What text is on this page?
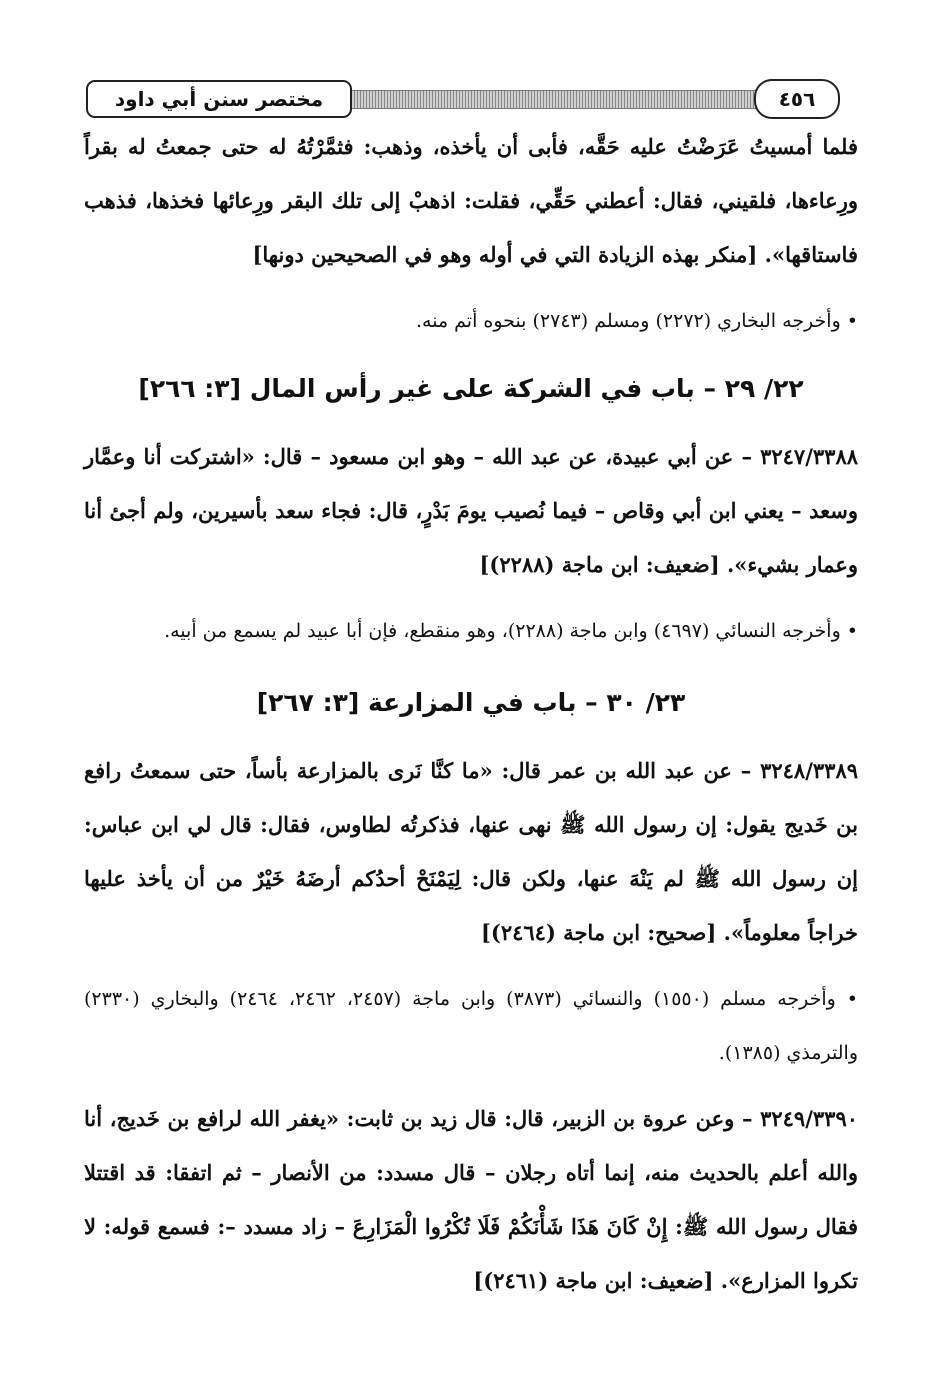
مختصر سنن أبي داود	٤٥٦

فلما أمسيتُ عَرَضْتُ عليه حَقَّه، فأبى أن يأخذه، وذهب: فثمَّرْتُهُ له حتى جمعتُ له بقراً ورِعاءها، فلقيني، فقال: أعطني حَقِّي، فقلت: اذهبْ إلى تلك البقر ورِعائها فخذها، فذهب فاستاقها». [منكر بهذه الزيادة التي في أوله وهو في الصحيحين دونها]

• وأخرجه البخاري (٢٢٧٢) ومسلم (٢٧٤٣) بنحوه أتم منه.

٢٢/ ٢٩ – باب في الشركة على غير رأس المال [٣: ٢٦٦]

٣٢٤٧/٣٣٨٨ – عن أبي عبيدة، عن عبد الله – وهو ابن مسعود – قال: «اشتركت أنا وعمَّار وسعد – يعني ابن أبي وقاص – فيما نُصيب يومَ بَدْرٍ، قال: فجاء سعد بأسيرين، ولم أجئ أنا وعمار بشيء». [ضعيف: ابن ماجة (٢٢٨٨)]

• وأخرجه النسائي (٤٦٩٧) وابن ماجة (٢٢٨٨)، وهو منقطع، فإن أبا عبيد لم يسمع من أبيه.

٢٣/ ٣٠ – باب في المزارعة [٣: ٢٦٧]

٣٢٤٨/٣٣٨٩ – عن عبد الله بن عمر قال: «ما كنَّا نَرى بالمزارعة بأساً، حتى سمعتُ رافع بن خَديج يقول: إن رسول الله ﷺ نهى عنها، فذكرتُه لطاوس، فقال: قال لي ابن عباس: إن رسول الله ﷺ لم يَنْهَ عنها، ولكن قال: لِيَمْنَحْ أحدُكم أرضَهُ خَيْرٌ من أن يأخذ عليها خراجاً معلوماً». [صحيح: ابن ماجة (٢٤٦٤)]

• وأخرجه مسلم (١٥٥٠) والنسائي (٣٨٧٣) وابن ماجة (٢٤٥٧، ٢٤٦٢، ٢٤٦٤) والبخاري (٢٣٣٠) والترمذي (١٣٨٥).

٣٢٤٩/٣٣٩٠ – وعن عروة بن الزبير، قال: قال زيد بن ثابت: «يغفر الله لرافع بن خَديج، أنا والله أعلم بالحديث منه، إنما أتاه رجلان – قال مسدد: من الأنصار – ثم اتفقا: قد اقتتلا فقال رسول الله ﷺ: إِنْ كَانَ هَذَا شَأْنَكُمْ فَلَا تُكْرُوا الْمَزَارِعَ – زاد مسدد –: فسمع قوله: لا تكروا المزارع». [ضعيف: ابن ماجة (٢٤٦١)]
